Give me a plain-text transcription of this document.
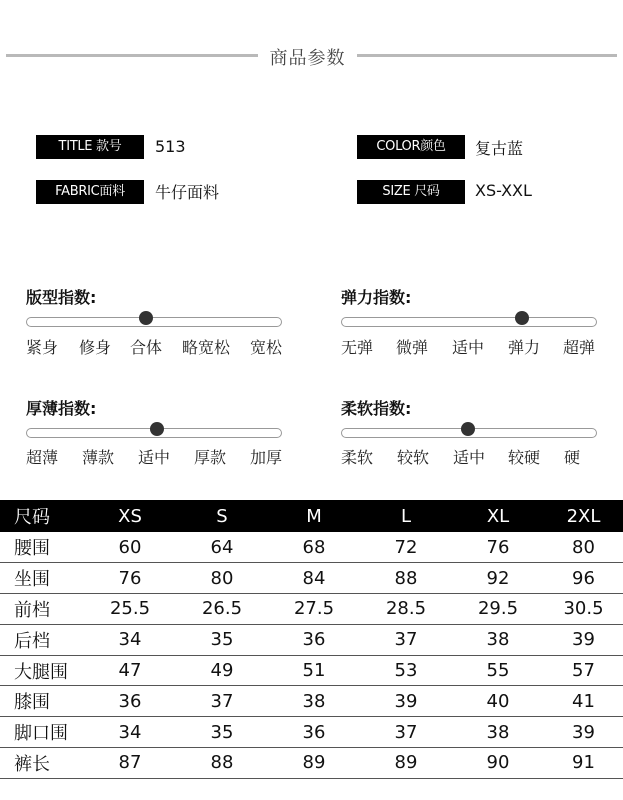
商品参数
TITLE 款号	513	COLOR颜色	复古蓝
FABRIC面料	牛仔面料	SIZE 尺码	XS-XXL
版型指数:
紧身 修身 合体 略宽松 宽松
弹力指数:
无弹 微弹 适中 弹力 超弹
厚薄指数:
超薄 薄款 适中 厚款 加厚
柔软指数:
柔软 较软 适中 较硬 硬
尺码	XS	S	M	L	XL	2XL
腰围	60	64	68	72	76	80
坐围	76	80	84	88	92	96
前档	25.5	26.5	27.5	28.5	29.5	30.5
后档	34	35	36	37	38	39
大腿围	47	49	51	53	55	57
膝围	36	37	38	39	40	41
脚口围	34	35	36	37	38	39
裤长	87	88	89	89	90	91
